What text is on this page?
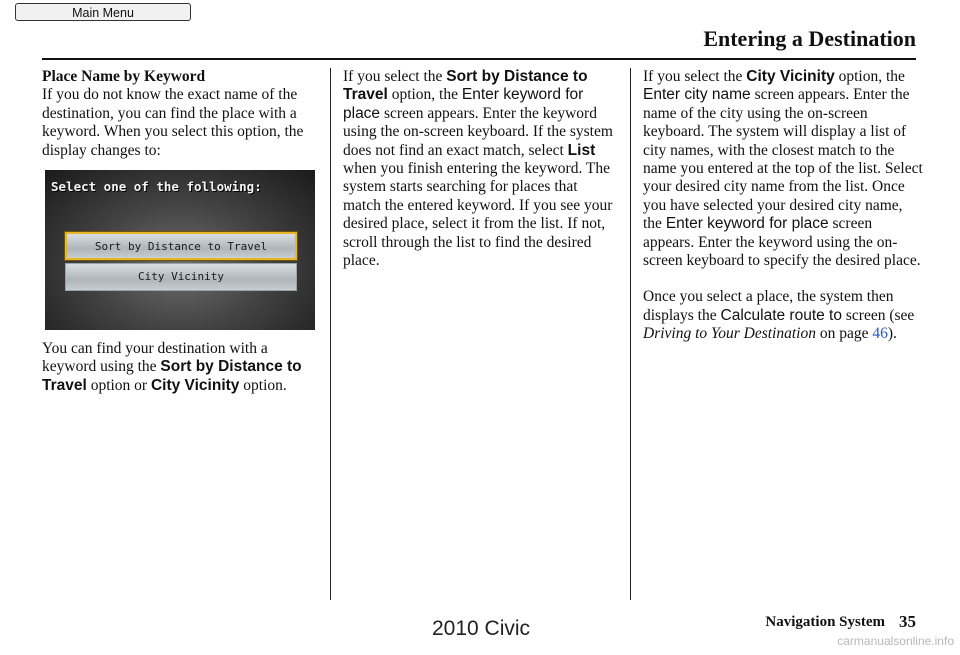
Main Menu
Entering a Destination

Place Name by Keyword

If you do not know the exact name of the destination, you can find the place with a keyword. When you select this option, the display changes to:

Select one of the following:
Sort by Distance to Travel
City Vicinity

You can find your destination with a keyword using the Sort by Distance to Travel option or City Vicinity option.

If you select the Sort by Distance to Travel option, the Enter keyword for place screen appears. Enter the keyword using the on-screen keyboard. If the system does not find an exact match, select List when you finish entering the keyword. The system starts searching for places that match the entered keyword. If you see your desired place, select it from the list. If not, scroll through the list to find the desired place.

If you select the City Vicinity option, the Enter city name screen appears. Enter the name of the city using the on-screen keyboard. The system will display a list of city names, with the closest match to the name you entered at the top of the list. Select your desired city name from the list. Once you have selected your desired city name, the Enter keyword for place screen appears. Enter the keyword using the on-screen keyboard to specify the desired place.

Once you select a place, the system then displays the Calculate route to screen (see Driving to Your Destination on page 46).

2010 Civic	Navigation System 35
carmanualsonline.info
